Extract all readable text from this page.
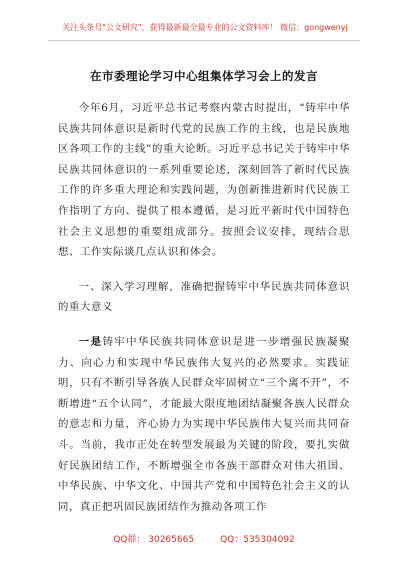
关注头条号"公文研究"，获得最新最全最专业的公文资料库！ 微信：gongwenyj
在市委理论学习中心组集体学习会上的发言

今年6月，习近平总书记考察内蒙古时提出，“铸牢中华民族共同体意识是新时代党的民族工作的主线，也是民族地区各项工作的主线”的重大论断。习近平总书记关于铸牢中华民族共同体意识的一系列重要论述，深刻回答了新时代民族工作的许多重大理论和实践问题，为创新推进新时代民族工作指明了方向、提供了根本遵循，是习近平新时代中国特色社会主义思想的重要组成部分。按照会议安排，现结合思想、工作实际谈几点认识和体会。

一、深入学习理解，准确把握铸牢中华民族共同体意识的重大意义

一是铸牢中华民族共同体意识是进一步增强民族凝聚力、向心力和实现中华民族伟大复兴的必然要求。实践证明，只有不断引导各族人民群众牢固树立“三个离不开”，不断增进“五个认同”，才能最大限度地团结凝聚各族人民群众的意志和力量，齐心协力为实现中华民族伟大复兴而共同奋斗。当前，我市正处在转型发展最为关键的阶段，要扎实做好民族团结工作，不断增强全市各族干部群众对伟大祖国、中华民族、中华文化、中国共产党和中国特色社会主义的认同，真正把巩固民族团结作为推动各项工作

QQ群： 30265665	QQ：535304092
